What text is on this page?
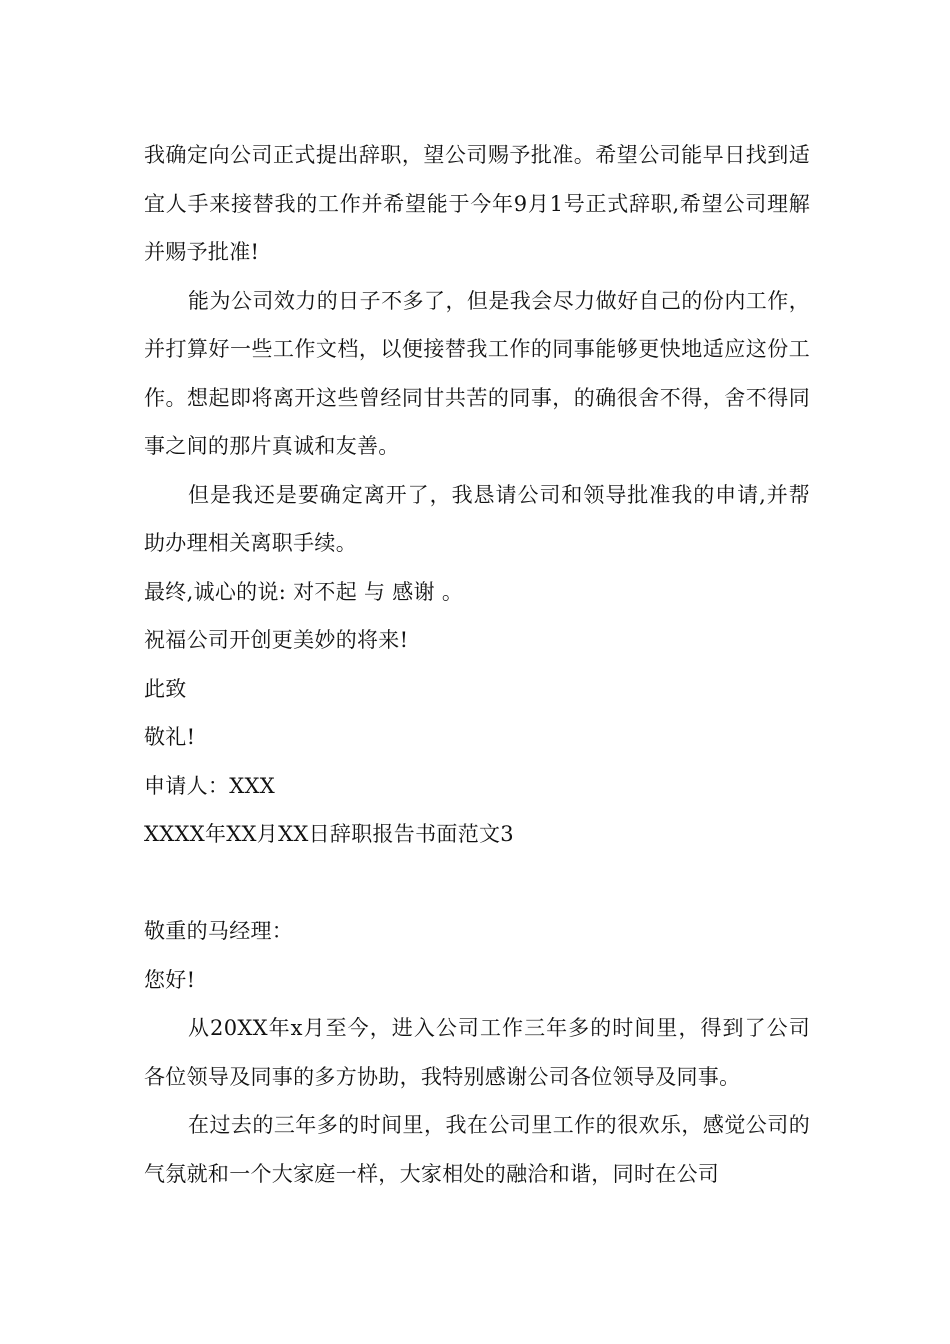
我确定向公司正式提出辞职，望公司赐予批准。希望公司能早日找到适宜人手来接替我的工作并希望能于今年9月1号正式辞职,希望公司理解并赐予批准!

能为公司效力的日子不多了，但是我会尽力做好自己的份内工作，并打算好一些工作文档，以便接替我工作的同事能够更快地适应这份工作。想起即将离开这些曾经同甘共苦的同事，的确很舍不得，舍不得同事之间的那片真诚和友善。

但是我还是要确定离开了，我恳请公司和领导批准我的申请,并帮助办理相关离职手续。

最终,诚心的说: 对不起 与 感谢 。

祝福公司开创更美妙的将来!

此致

敬礼!

申请人：XXX

XXXX年XX月XX日辞职报告书面范文3

敬重的马经理：

您好!

从20XX年x月至今，进入公司工作三年多的时间里，得到了公司各位领导及同事的多方协助，我特别感谢公司各位领导及同事。

在过去的三年多的时间里，我在公司里工作的很欢乐，感觉公司的气氛就和一个大家庭一样，大家相处的融洽和谐，同时在公司
